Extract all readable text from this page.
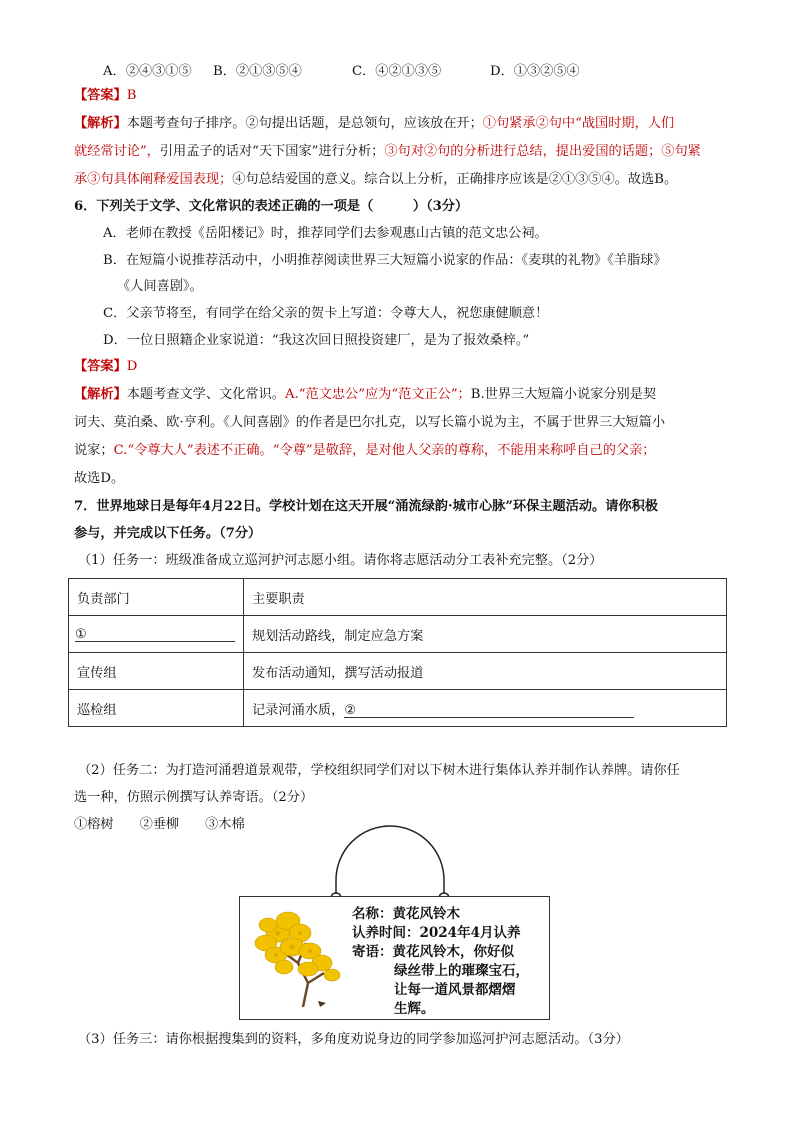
A．②④③①⑤ B．②①③⑤④	C．④②①③⑤	D．①③②⑤④
【答案】B
【解析】本题考查句子排序。②句提出话题，是总领句，应该放在开；①句紧承②句中“战国时期，人们
就经常讨论”，引用孟子的话对“天下国家”进行分析；③句对②句的分析进行总结，提出爱国的话题；⑤句紧
承③句具体阐释爱国表现；④句总结爱国的意义。综合以上分析，正确排序应该是②①③⑤④。故选B。
6．下列关于文学、文化常识的表述正确的一项是（　　　）（3分）
A．老师在教授《岳阳楼记》时，推荐同学们去参观惠山古镇的范文忠公祠。
B．在短篇小说推荐活动中，小明推荐阅读世界三大短篇小说家的作品：《麦琪的礼物》《羊脂球》
《人间喜剧》。
C．父亲节将至，有同学在给父亲的贺卡上写道：令尊大人，祝您康健顺意！
D．一位日照籍企业家说道：“我这次回日照投资建厂，是为了报效桑梓。”
【答案】D
【解析】本题考查文学、文化常识。A.“范文忠公”应为“范文正公”；B.世界三大短篇小说家分别是契
诃夫、莫泊桑、欧·亨利。《人间喜剧》的作者是巴尔扎克，以写长篇小说为主，不属于世界三大短篇小
说家；C.“令尊大人”表述不正确。“令尊”是敬辞，是对他人父亲的尊称，不能用来称呼自己的父亲；
故选D。
7．世界地球日是每年4月22日。学校计划在这天开展“涌流绿韵·城市心脉”环保主题活动。请你积极
参与，并完成以下任务。（7分）
（1）任务一：班级准备成立巡河护河志愿小组。请你将志愿活动分工表补充完整。（2分）
负责部门	主要职责
①	规划活动路线，制定应急方案
宣传组	发布活动通知，撰写活动报道
巡检组	记录河涌水质，②
（2）任务二：为打造河涌碧道景观带，学校组织同学们对以下树木进行集体认养并制作认养牌。请你任
选一种，仿照示例撰写认养寄语。（2分）
①榕树 ②垂柳 ③木棉
名称：黄花风铃木
认养时间：2024年4月认养
寄语：黄花风铃木，你好似
绿丝带上的璀璨宝石，
让每一道风景都熠熠
生辉。
（3）任务三：请你根据搜集到的资料，多角度劝说身边的同学参加巡河护河志愿活动。（3分）
